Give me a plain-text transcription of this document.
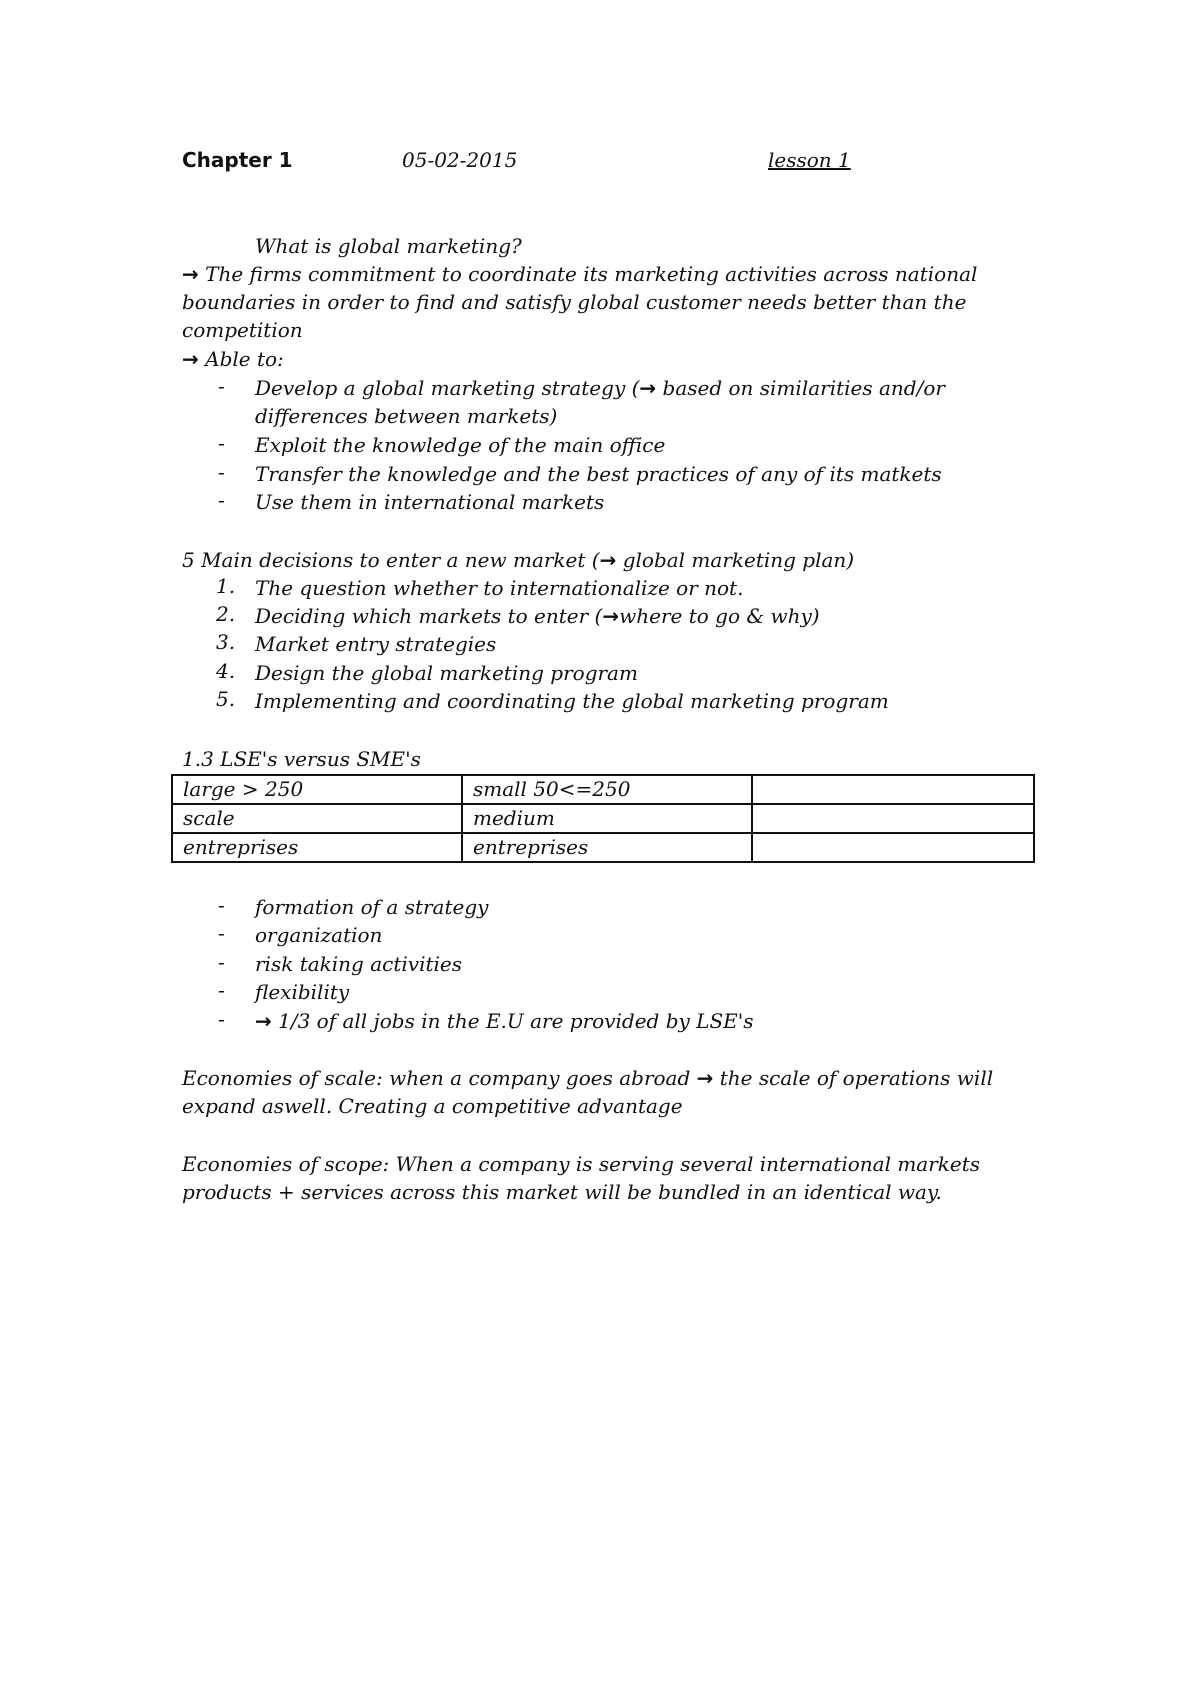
Chapter 1	05-02-2015	lesson 1
What is global marketing?
→ The firms commitment to coordinate its marketing activities across national
boundaries in order to find and satisfy global customer needs better than the
competition
→ Able to:
- Develop a global marketing strategy (→ based on similarities and/or
differences between markets)
- Exploit the knowledge of the main office
- Transfer the knowledge and the best practices of any of its matkets
- Use them in international markets
5 Main decisions to enter a new market (→ global marketing plan)
1. The question whether to internationalize or not.
2. Deciding which markets to enter (→where to go & why)
3. Market entry strategies
4. Design the global marketing program
5. Implementing and coordinating the global marketing program
1.3 LSE's versus SME's
large > 250	small 50<=250	
scale	medium	
entreprises	entreprises	
- formation of a strategy
- organization
- risk taking activities
- flexibility
- → 1/3 of all jobs in the E.U are provided by LSE's
Economies of scale: when a company goes abroad → the scale of operations will
expand aswell. Creating a competitive advantage
Economies of scope: When a company is serving several international markets
products + services across this market will be bundled in an identical way.
